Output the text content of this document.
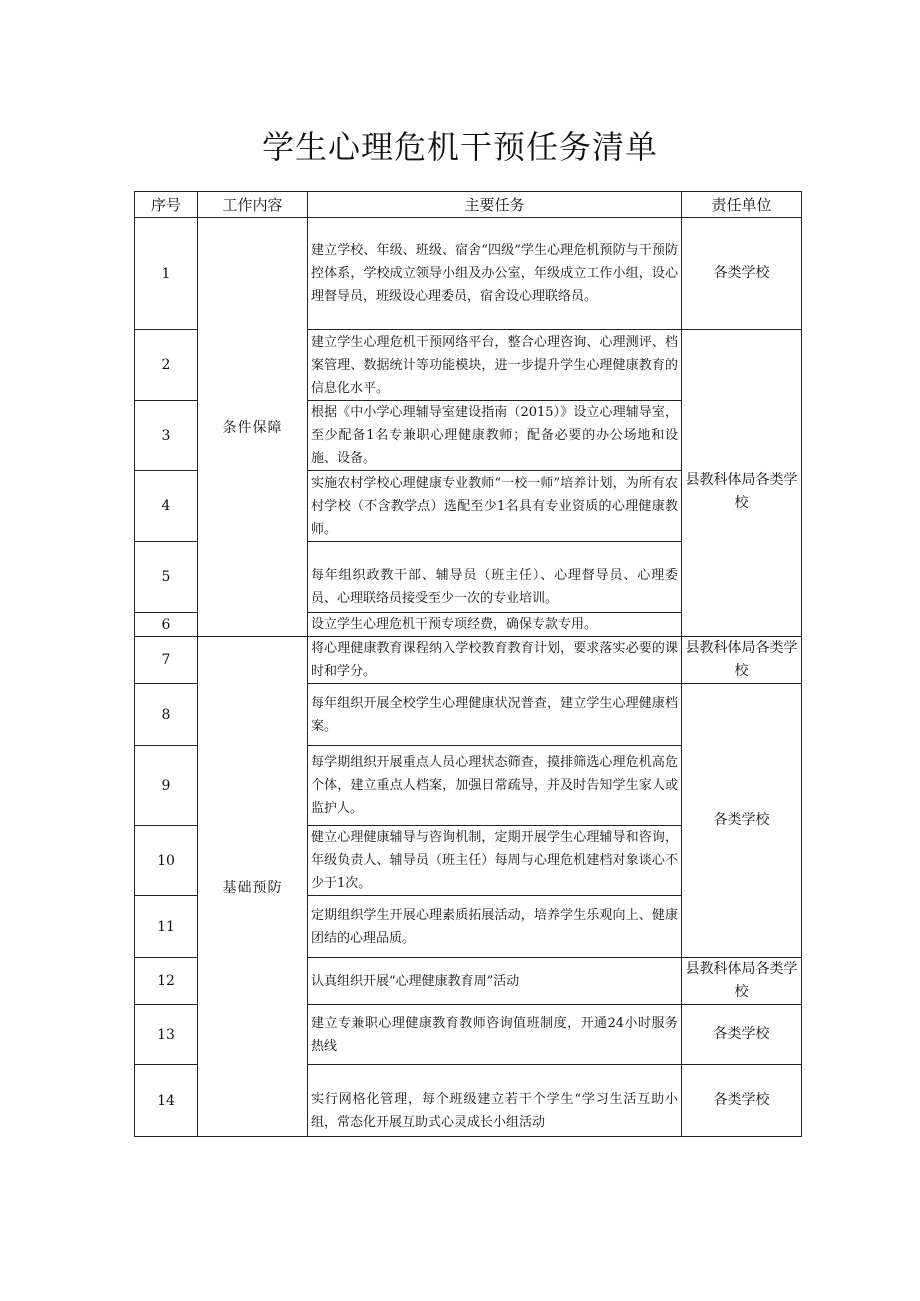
学生心理危机干预任务清单
序号	工作内容	主要任务	责任单位
1	条件保障	建立学校、年级、班级、宿舍“四级”学生心理危机预防与干预防控体系，学校成立领导小组及办公室，年级成立工作小组，设心理督导员，班级设心理委员，宿舍设心理联络员。	各类学校
2		建立学生心理危机干预网络平台，整合心理咨询、心理测评、档案管理、数据统计等功能模块，进一步提升学生心理健康教育的信息化水平。	县教科体局各类学校
3		根据《中小学心理辅导室建设指南（2015）》设立心理辅导室，至少配备1名专兼职心理健康教师；配备必要的办公场地和设施、设备。	
4		实施农村学校心理健康专业教师“一校一师”培养计划，为所有农村学校（不含教学点）选配至少1名具有专业资质的心理健康教师。	
5		每年组织政教干部、辅导员（班主任）、心理督导员、心理委员、心理联络员接受至少一次的专业培训。	
6		设立学生心理危机干预专项经费，确保专款专用。	
7	基础预防	将心理健康教育课程纳入学校教育教育计划，要求落实必要的课时和学分。	县教科体局各类学校
8		每年组织开展全校学生心理健康状况普查，建立学生心理健康档案。	各类学校
9		每学期组织开展重点人员心理状态筛查，摸排筛选心理危机高危个体，建立重点人档案，加强日常疏导，并及时告知学生家人或监护人。	
10		健立心理健康辅导与咨询机制，定期开展学生心理辅导和咨询，年级负责人、辅导员（班主任）每周与心理危机建档对象谈心不少于1次。	
11		定期组织学生开展心理素质拓展活动，培养学生乐观向上、健康团结的心理品质。	
12		认真组织开展“心理健康教育周”活动	县教科体局各类学校
13		建立专兼职心理健康教育教师咨询值班制度，开通24小时服务热线	各类学校
14		实行网格化管理，每个班级建立若干个学生“学习生活互助小组，常态化开展互助式心灵成长小组活动	各类学校
